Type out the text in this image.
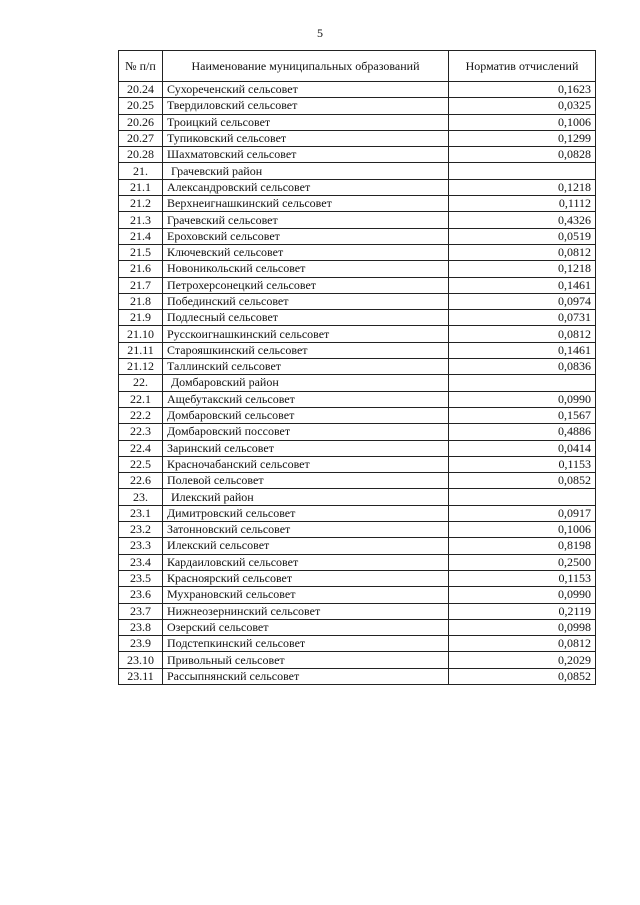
5
№ п/п	Наименование муниципальных образований	Норматив отчислений
20.24	Сухореченский сельсовет	0,1623
20.25	Твердиловский сельсовет	0,0325
20.26	Троицкий сельсовет	0,1006
20.27	Тупиковский сельсовет	0,1299
20.28	Шахматовский сельсовет	0,0828
21.	Грачевский район	
21.1	Александровский сельсовет	0,1218
21.2	Верхнеигнашкинский сельсовет	0,1112
21.3	Грачевский сельсовет	0,4326
21.4	Ероховский сельсовет	0,0519
21.5	Ключевский сельсовет	0,0812
21.6	Новоникольский сельсовет	0,1218
21.7	Петрохерсонецкий сельсовет	0,1461
21.8	Побединский сельсовет	0,0974
21.9	Подлесный сельсовет	0,0731
21.10	Русскоигнашкинский сельсовет	0,0812
21.11	Старояшкинский сельсовет	0,1461
21.12	Таллинский сельсовет	0,0836
22.	Домбаровский район	
22.1	Ащебутакский сельсовет	0,0990
22.2	Домбаровский сельсовет	0,1567
22.3	Домбаровский поссовет	0,4886
22.4	Заринский сельсовет	0,0414
22.5	Красночабанский сельсовет	0,1153
22.6	Полевой сельсовет	0,0852
23.	Илекский район	
23.1	Димитровский сельсовет	0,0917
23.2	Затонновский сельсовет	0,1006
23.3	Илекский сельсовет	0,8198
23.4	Кардаиловский сельсовет	0,2500
23.5	Красноярский сельсовет	0,1153
23.6	Мухрановский сельсовет	0,0990
23.7	Нижнеозернинский сельсовет	0,2119
23.8	Озерский сельсовет	0,0998
23.9	Подстепкинский сельсовет	0,0812
23.10	Привольный сельсовет	0,2029
23.11	Рассыпнянский сельсовет	0,0852
